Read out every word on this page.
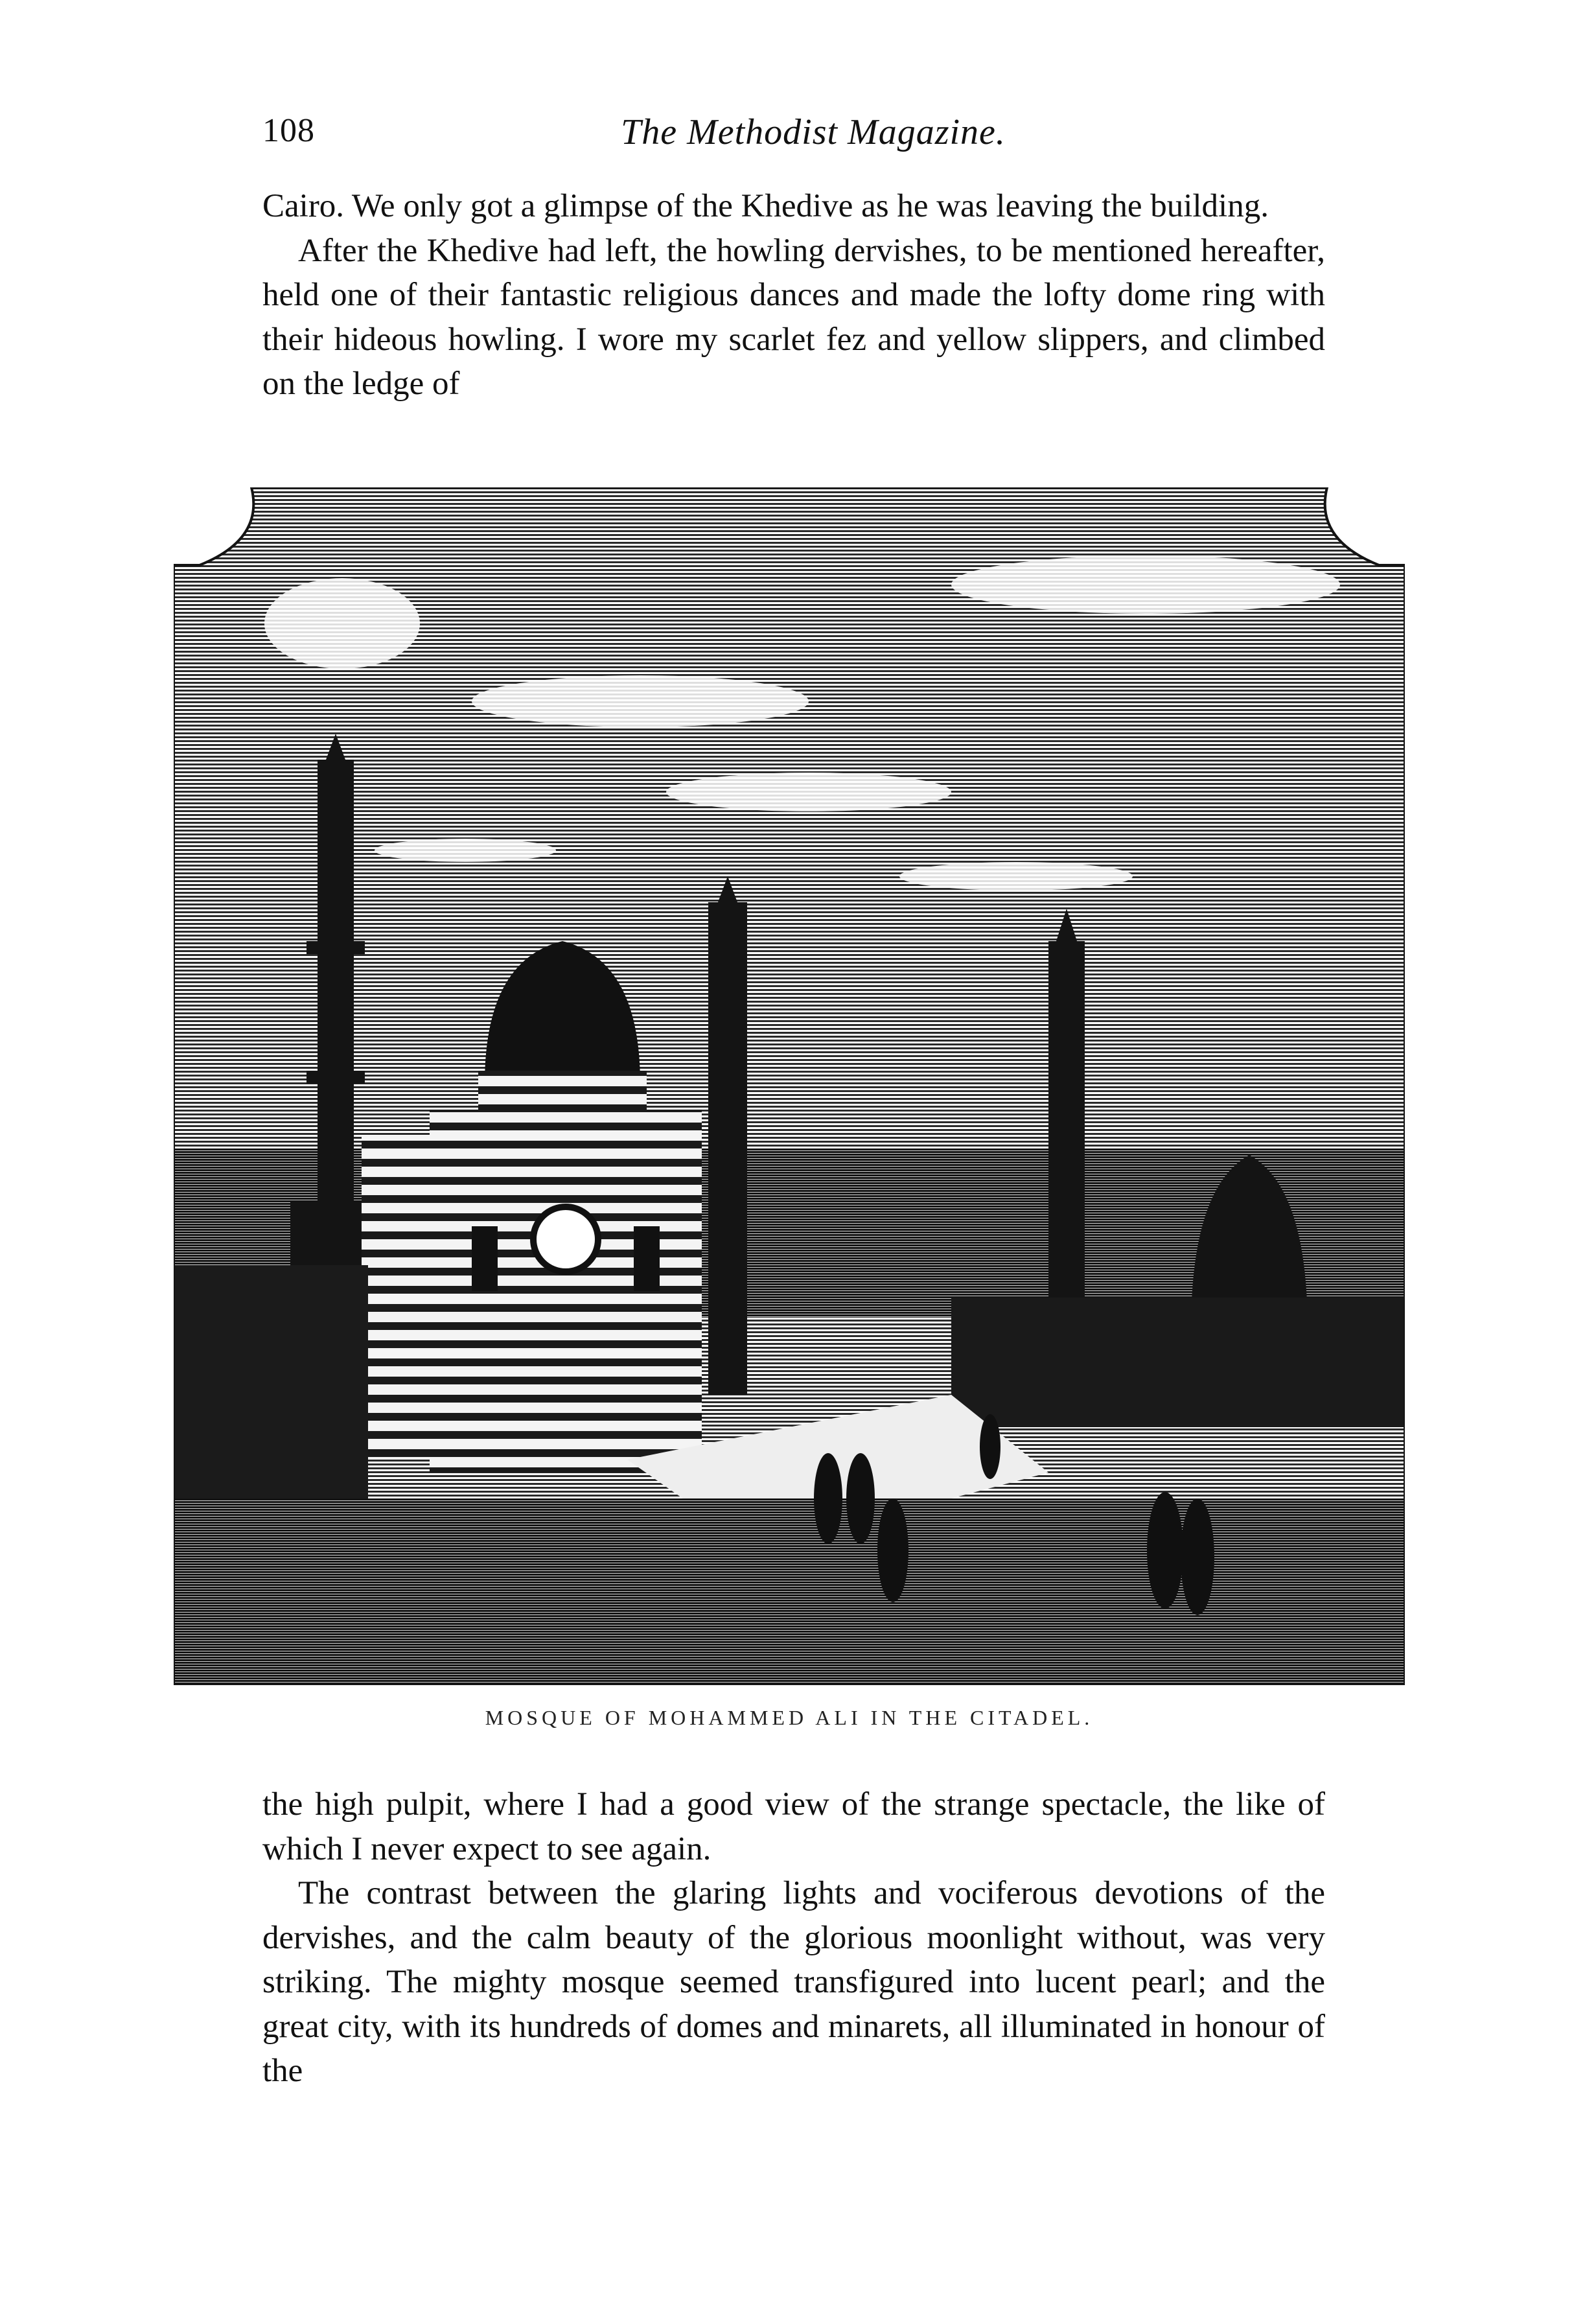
108	The Methodist Magazine.

Cairo. We only got a glimpse of the Khedive as he was leaving the building.

After the Khedive had left, the howling dervishes, to be mentioned hereafter, held one of their fantastic religious dances and made the lofty dome ring with their hideous howling. I wore my scarlet fez and yellow slippers, and climbed on the ledge of

MOSQUE OF MOHAMMED ALI IN THE CITADEL.

the high pulpit, where I had a good view of the strange spectacle, the like of which I never expect to see again.

The contrast between the glaring lights and vociferous devotions of the dervishes, and the calm beauty of the glorious moonlight without, was very striking. The mighty mosque seemed transfigured into lucent pearl; and the great city, with its hundreds of domes and minarets, all illuminated in honour of the
